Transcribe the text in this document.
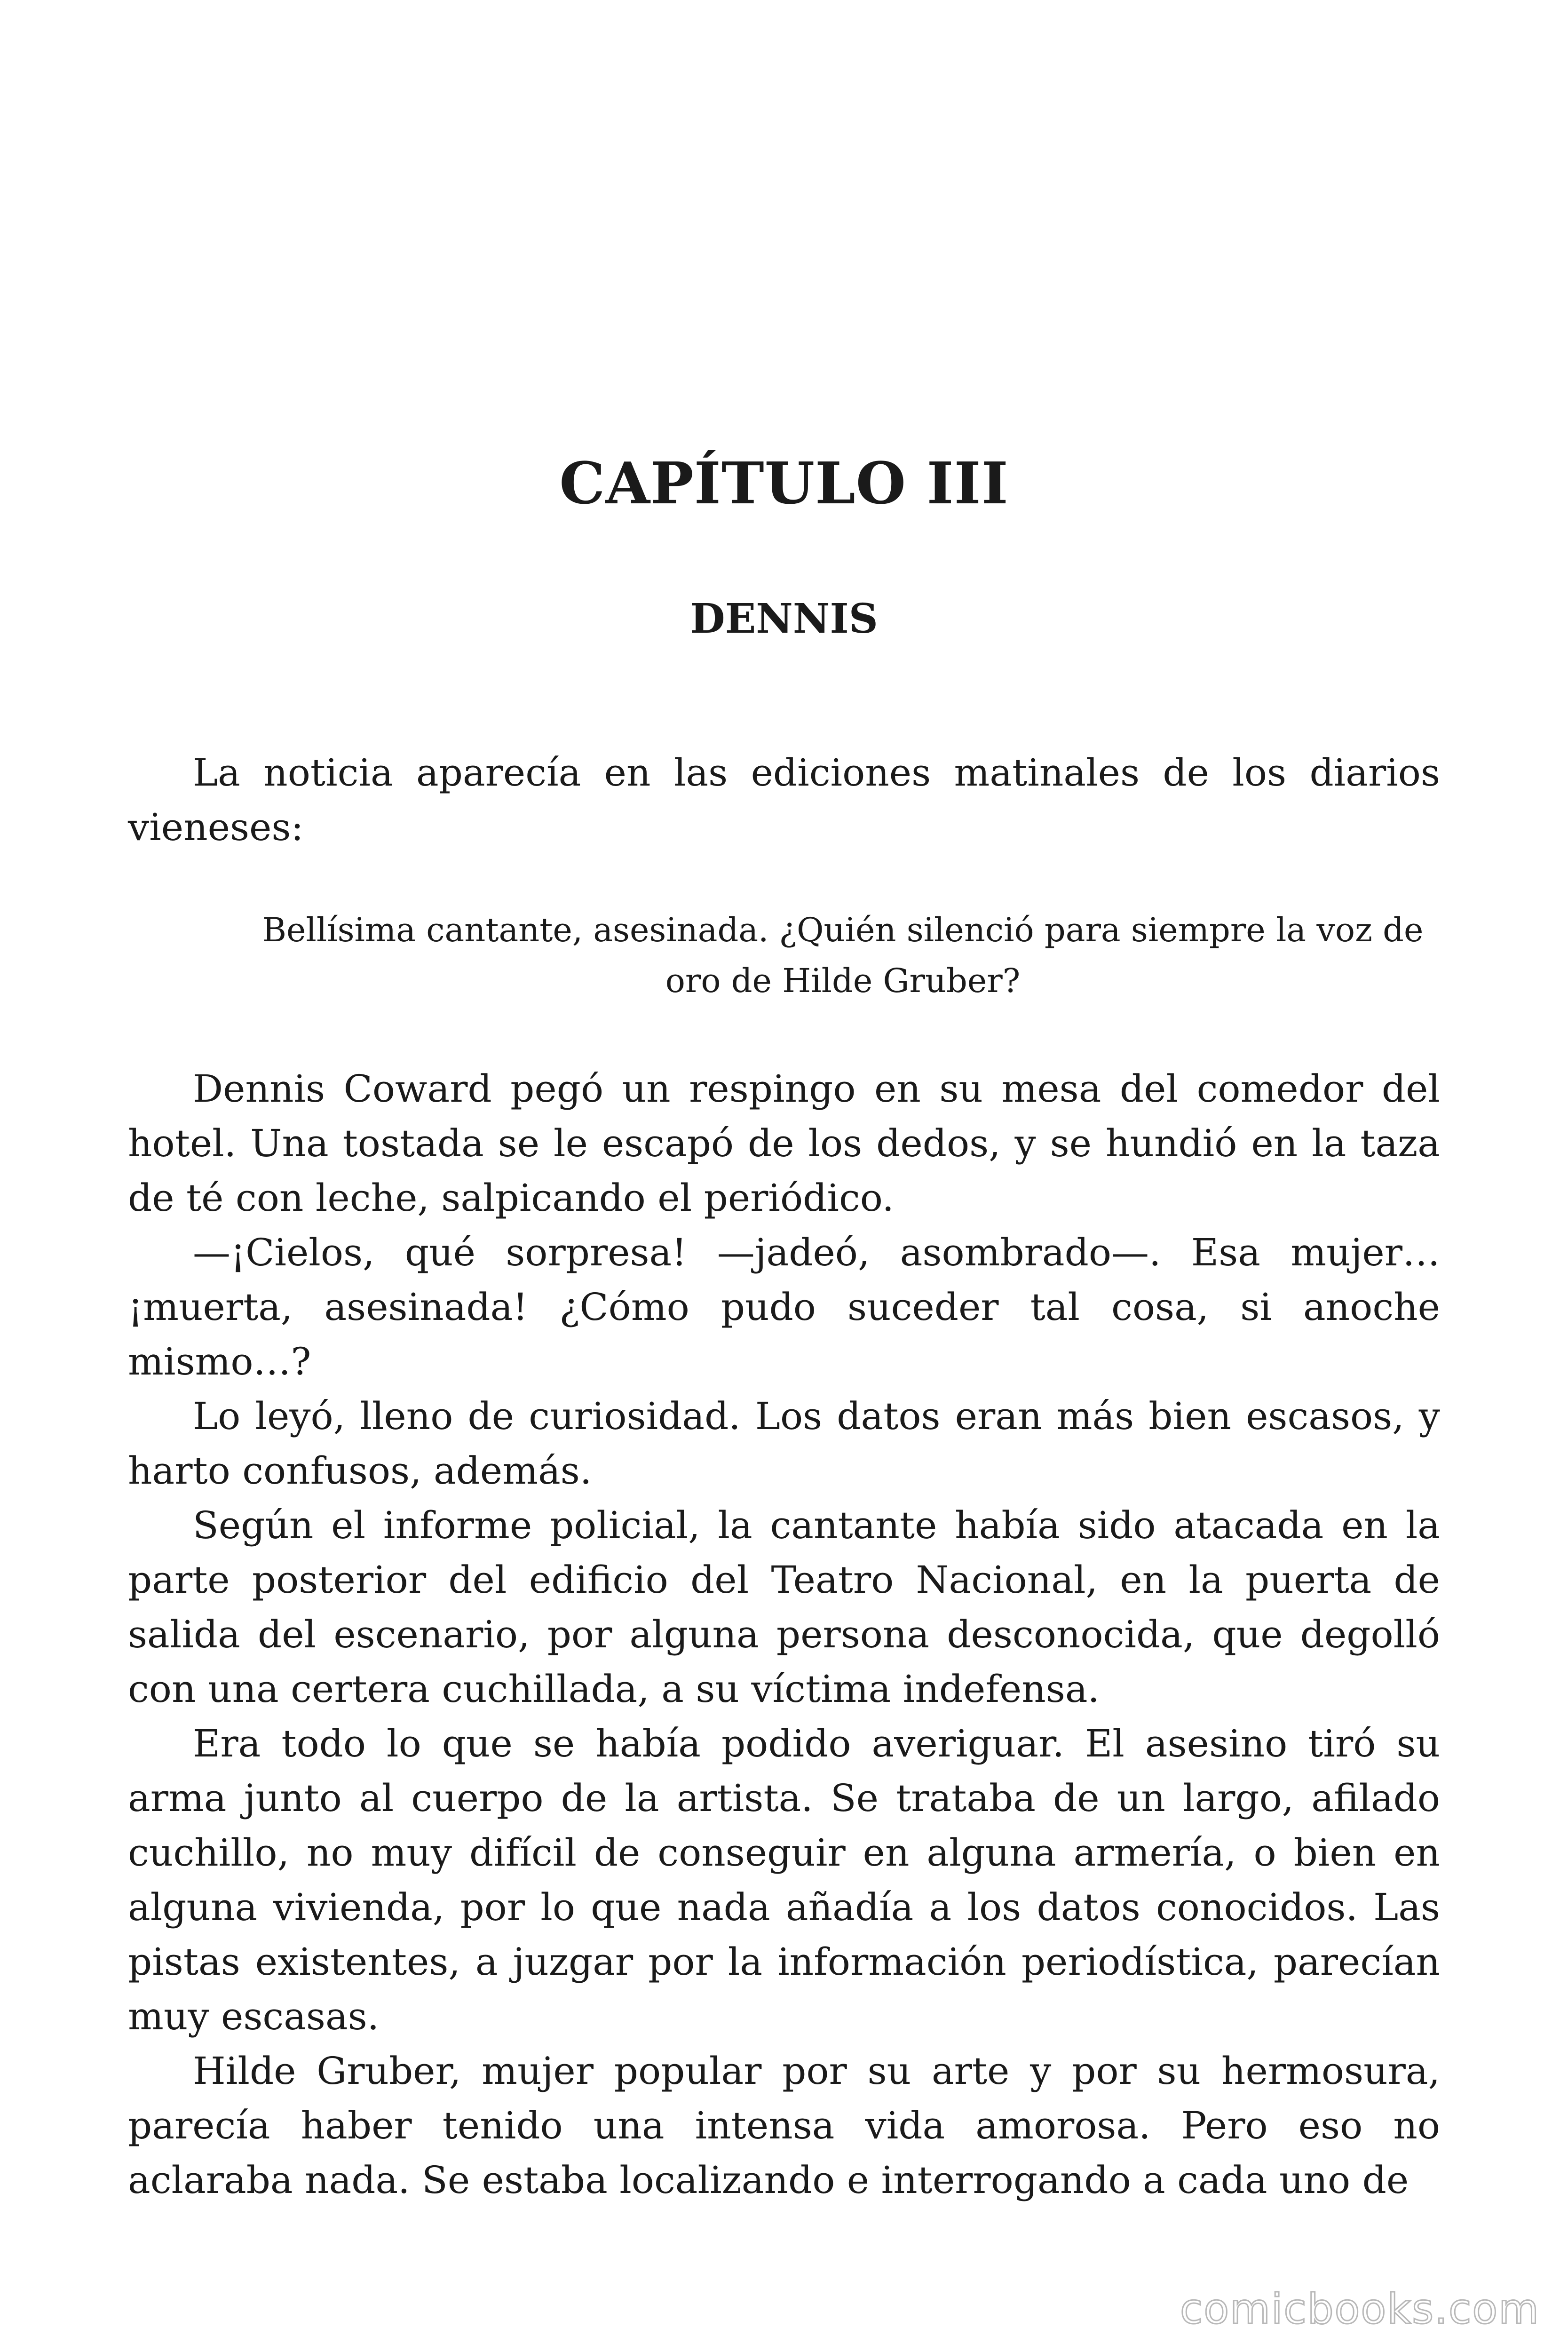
CAPÍTULO III
DENNIS

La noticia aparecía en las ediciones matinales de los diarios vieneses:

Bellísima cantante, asesinada. ¿Quién silenció para siempre la voz de oro de Hilde Gruber?

Dennis Coward pegó un respingo en su mesa del comedor del hotel. Una tostada se le escapó de los dedos, y se hundió en la taza de té con leche, salpicando el periódico.

—¡Cielos, qué sorpresa! —jadeó, asombrado—. Esa mujer… ¡muerta, asesinada! ¿Cómo pudo suceder tal cosa, si anoche mismo…?

Lo leyó, lleno de curiosidad. Los datos eran más bien escasos, y harto confusos, además.

Según el informe policial, la cantante había sido atacada en la parte posterior del edificio del Teatro Nacional, en la puerta de salida del escenario, por alguna persona desconocida, que degolló con una certera cuchillada, a su víctima indefensa.

Era todo lo que se había podido averiguar. El asesino tiró su arma junto al cuerpo de la artista. Se trataba de un largo, afilado cuchillo, no muy difícil de conseguir en alguna armería, o bien en alguna vivienda, por lo que nada añadía a los datos conocidos. Las pistas existentes, a juzgar por la información periodística, parecían muy escasas.

Hilde Gruber, mujer popular por su arte y por su hermosura, parecía haber tenido una intensa vida amorosa. Pero eso no aclaraba nada. Se estaba localizando e interrogando a cada uno de

comicbooks.com
